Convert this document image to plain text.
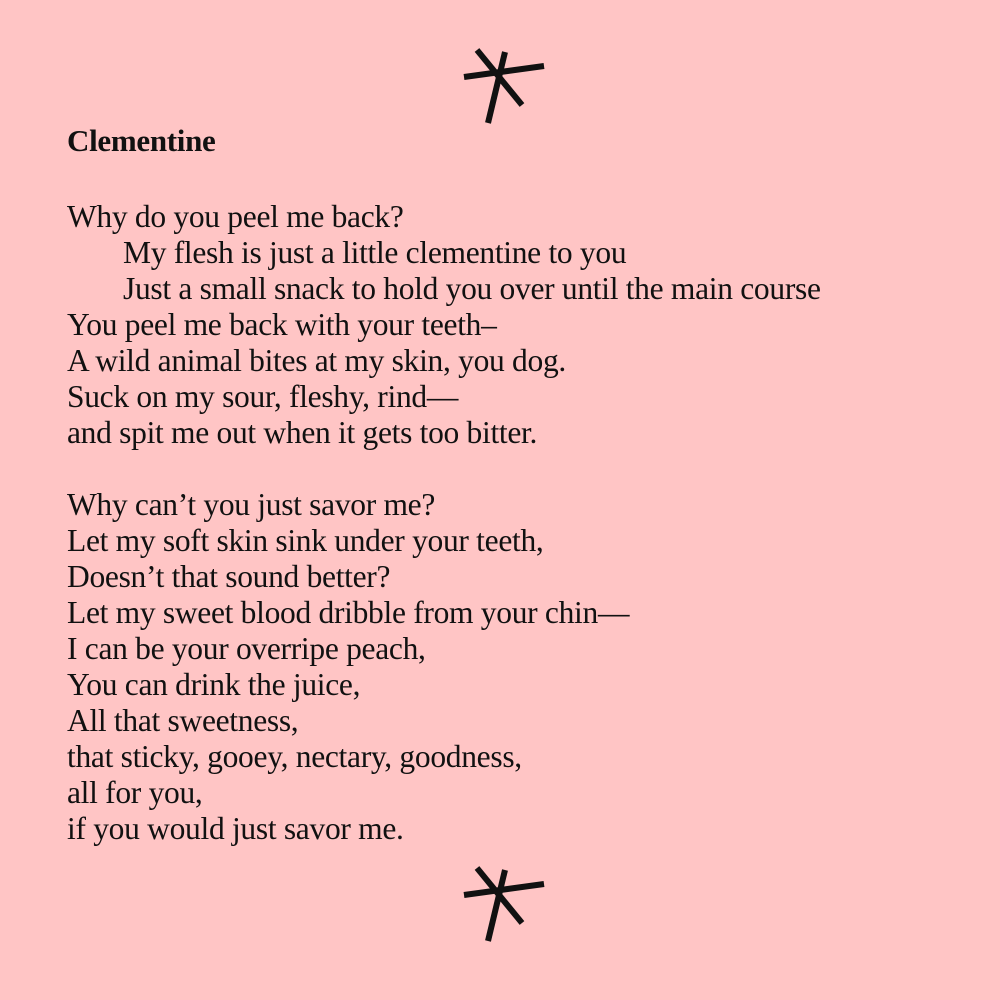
Clementine
Why do you peel me back?
My flesh is just a little clementine to you
Just a small snack to hold you over until the main course
You peel me back with your teeth–
A wild animal bites at my skin, you dog.
Suck on my sour, fleshy, rind—
and spit me out when it gets too bitter.
Why can’t you just savor me?
Let my soft skin sink under your teeth,
Doesn’t that sound better?
Let my sweet blood dribble from your chin—
I can be your overripe peach,
You can drink the juice,
All that sweetness,
that sticky, gooey, nectary, goodness,
all for you,
if you would just savor me.
